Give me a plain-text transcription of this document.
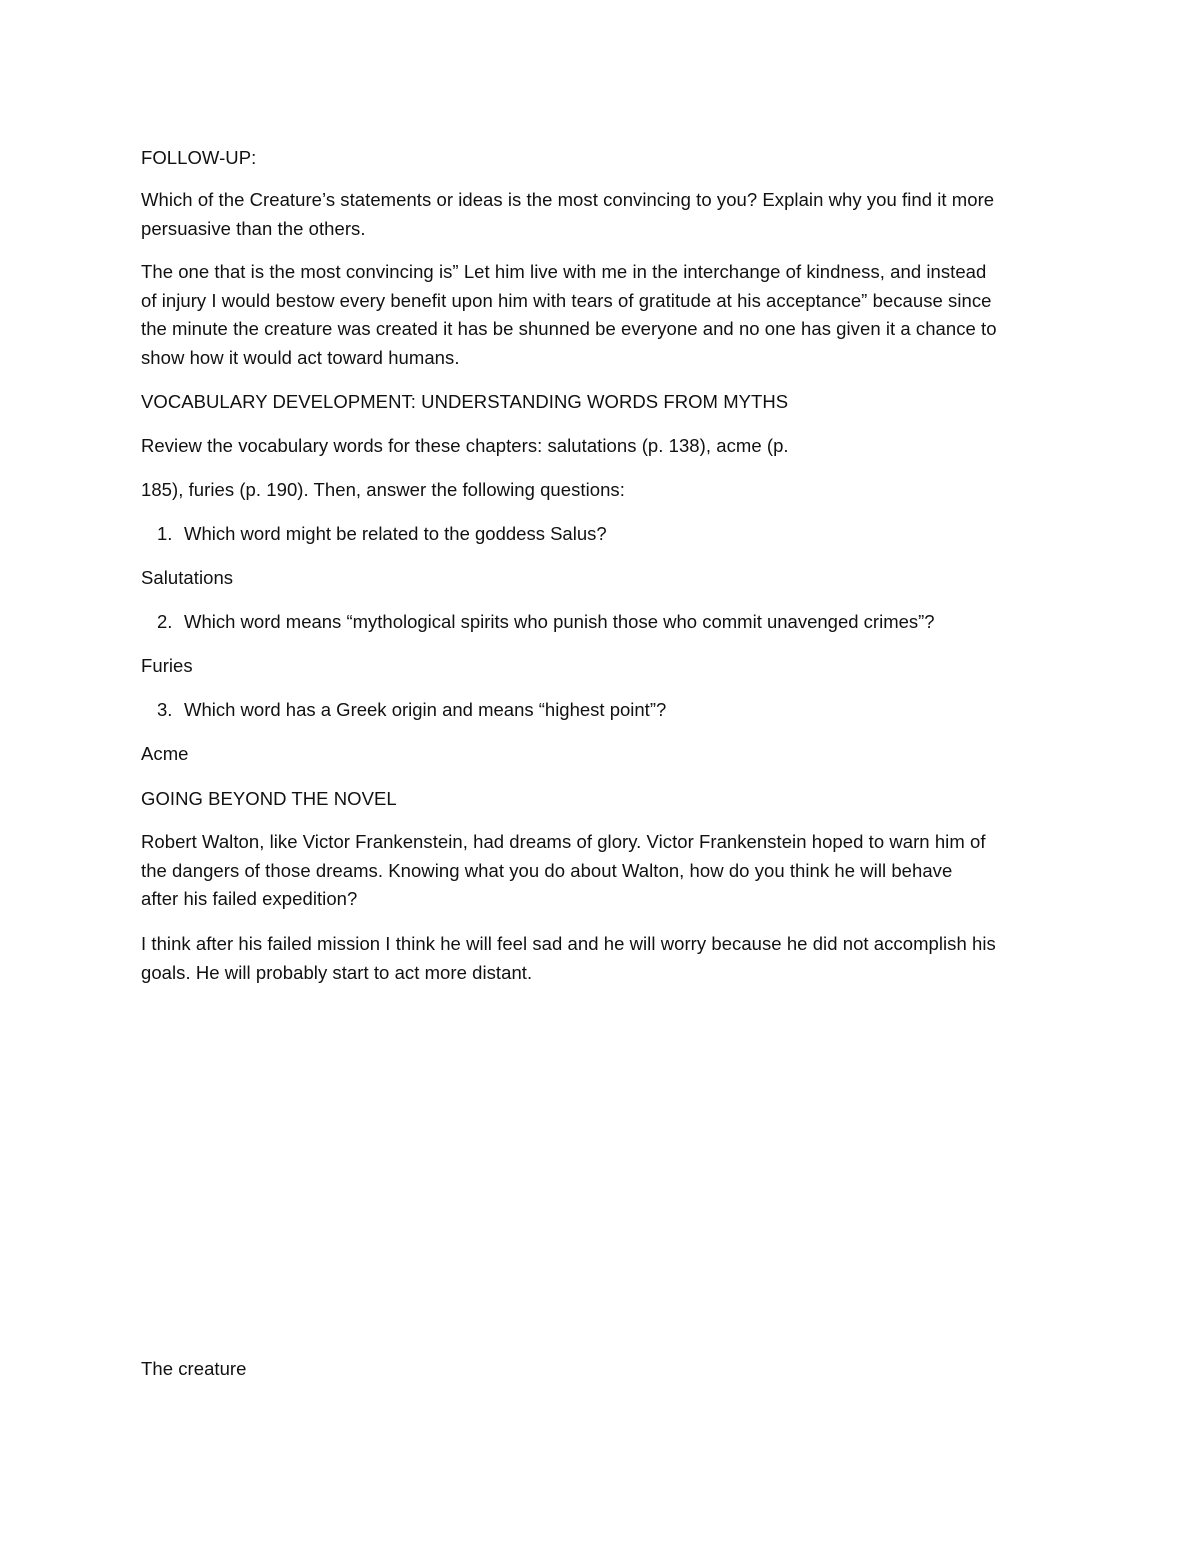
FOLLOW-UP:
Which of the Creature’s statements or ideas is the most convincing to you? Explain why you find it more
persuasive than the others.
The one that is the most convincing is” Let him live with me in the interchange of kindness, and instead
of injury I would bestow every benefit upon him with tears of gratitude at his acceptance” because since
the minute the creature was created it has be shunned be everyone and no one has given it a chance to
show how it would act toward humans.
VOCABULARY DEVELOPMENT: UNDERSTANDING WORDS FROM MYTHS
Review the vocabulary words for these chapters: salutations (p. 138), acme (p.
185), furies (p. 190). Then, answer the following questions:
1. Which word might be related to the goddess Salus?
Salutations
2. Which word means “mythological spirits who punish those who commit unavenged crimes”?
Furies
3. Which word has a Greek origin and means “highest point”?
Acme
GOING BEYOND THE NOVEL
Robert Walton, like Victor Frankenstein, had dreams of glory. Victor Frankenstein hoped to warn him of
the dangers of those dreams. Knowing what you do about Walton, how do you think he will behave
after his failed expedition?
I think after his failed mission I think he will feel sad and he will worry because he did not accomplish his
goals. He will probably start to act more distant.
The creature
